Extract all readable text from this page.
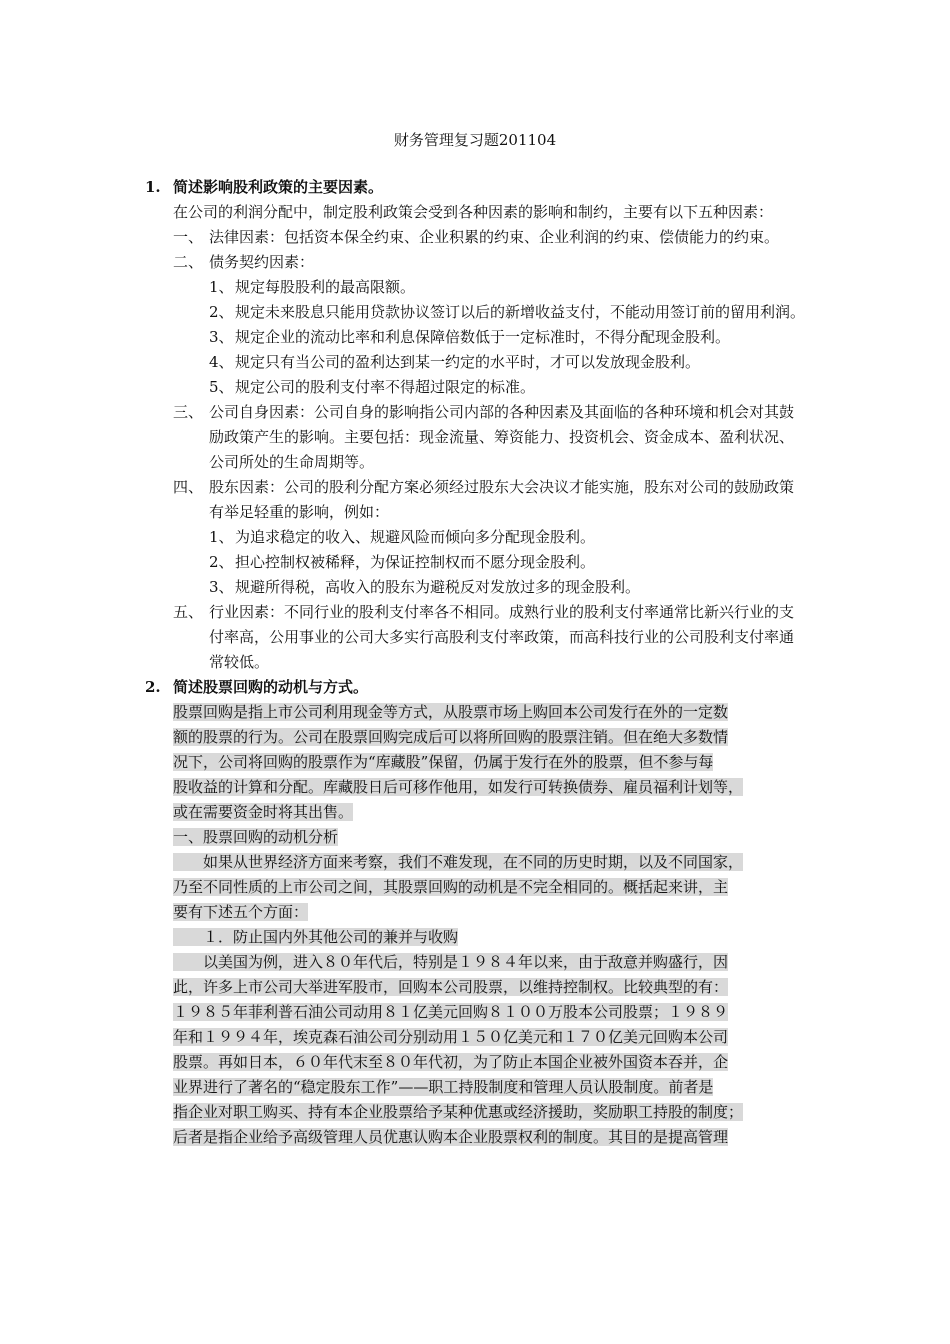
财务管理复习题201104
1. 简述影响股利政策的主要因素。
在公司的利润分配中，制定股利政策会受到各种因素的影响和制约，主要有以下五种因素：
一、 法律因素：包括资本保全约束、企业积累的约束、企业利润的约束、偿债能力的约束。
二、 债务契约因素：
1、 规定每股股利的最高限额。
2、 规定未来股息只能用贷款协议签订以后的新增收益支付，不能动用签订前的留用利润。
3、 规定企业的流动比率和利息保障倍数低于一定标准时，不得分配现金股利。
4、 规定只有当公司的盈利达到某一约定的水平时，才可以发放现金股利。
5、 规定公司的股利支付率不得超过限定的标准。
三、 公司自身因素：公司自身的影响指公司内部的各种因素及其面临的各种环境和机会对其鼓励政策产生的影响。主要包括：现金流量、筹资能力、投资机会、资金成本、盈利状况、公司所处的生命周期等。
四、 股东因素：公司的股利分配方案必须经过股东大会决议才能实施，股东对公司的鼓励政策有举足轻重的影响，例如：
1、 为追求稳定的收入、规避风险而倾向多分配现金股利。
2、 担心控制权被稀释，为保证控制权而不愿分现金股利。
3、 规避所得税，高收入的股东为避税反对发放过多的现金股利。
五、 行业因素：不同行业的股利支付率各不相同。成熟行业的股利支付率通常比新兴行业的支付率高，公用事业的公司大多实行高股利支付率政策，而高科技行业的公司股利支付率通常较低。
2. 简述股票回购的动机与方式。
股票回购是指上市公司利用现金等方式，从股票市场上购回本公司发行在外的一定数
额的股票的行为。公司在股票回购完成后可以将所回购的股票注销。但在绝大多数情
况下，公司将回购的股票作为“库藏股”保留，仍属于发行在外的股票，但不参与每
股收益的计算和分配。库藏股日后可移作他用，如发行可转换债券、雇员福利计划等，
或在需要资金时将其出售。
一、股票回购的动机分析
　　如果从世界经济方面来考察，我们不难发现，在不同的历史时期，以及不同国家，
乃至不同性质的上市公司之间，其股票回购的动机是不完全相同的。概括起来讲，主
要有下述五个方面：
　　１．防止国内外其他公司的兼并与收购
　　以美国为例，进入８０年代后，特别是１９８４年以来，由于敌意并购盛行，因
此，许多上市公司大举进军股市，回购本公司股票，以维持控制权。比较典型的有：
１９８５年菲利普石油公司动用８１亿美元回购８１００万股本公司股票；１９８９
年和１９９４年，埃克森石油公司分别动用１５０亿美元和１７０亿美元回购本公司
股票。再如日本，６０年代末至８０年代初，为了防止本国企业被外国资本吞并，企
业界进行了著名的“稳定股东工作”——职工持股制度和管理人员认股制度。前者是
指企业对职工购买、持有本企业股票给予某种优惠或经济援助，奖励职工持股的制度；
后者是指企业给予高级管理人员优惠认购本企业股票权利的制度。其目的是提高管理
